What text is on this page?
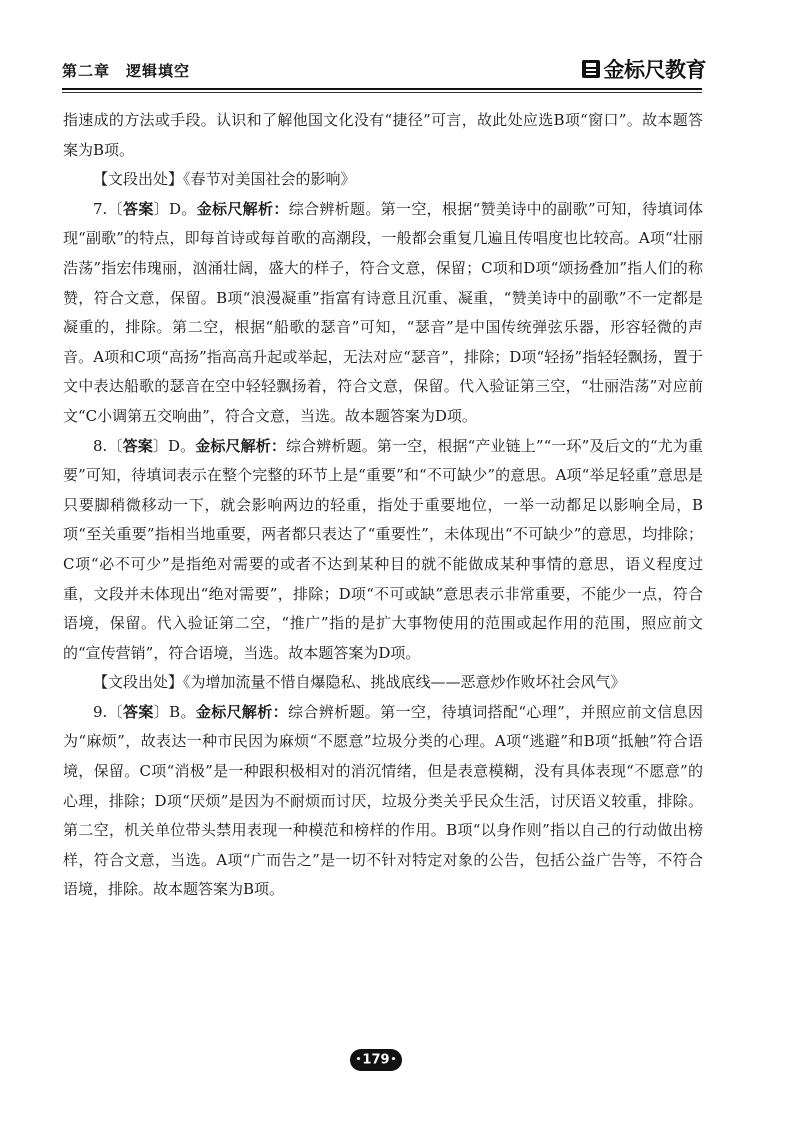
第二章　逻辑填空	金标尺教育

指速成的方法或手段。认识和了解他国文化没有“捷径”可言，故此处应选B项“窗口”。故本题答案为B项。

【文段出处】《春节对美国社会的影响》

7.〔答案〕D。金标尺解析：综合辨析题。第一空，根据“赞美诗中的副歌”可知，待填词体现“副歌”的特点，即每首诗或每首歌的高潮段，一般都会重复几遍且传唱度也比较高。A项“壮丽浩荡”指宏伟瑰丽，汹涌壮阔，盛大的样子，符合文意，保留；C项和D项“颂扬叠加”指人们的称赞，符合文意，保留。B项“浪漫凝重”指富有诗意且沉重、凝重，“赞美诗中的副歌”不一定都是凝重的，排除。第二空，根据“船歌的瑟音”可知，“瑟音”是中国传统弹弦乐器，形容轻微的声音。A项和C项“高扬”指高高升起或举起，无法对应“瑟音”，排除；D项“轻扬”指轻轻飘扬，置于文中表达船歌的瑟音在空中轻轻飘扬着，符合文意，保留。代入验证第三空，“壮丽浩荡”对应前文“C小调第五交响曲”，符合文意，当选。故本题答案为D项。

8.〔答案〕D。金标尺解析：综合辨析题。第一空，根据“产业链上”“一环”及后文的“尤为重要”可知，待填词表示在整个完整的环节上是“重要”和“不可缺少”的意思。A项“举足轻重”意思是只要脚稍微移动一下，就会影响两边的轻重，指处于重要地位，一举一动都足以影响全局，B项“至关重要”指相当地重要，两者都只表达了“重要性”，未体现出“不可缺少”的意思，均排除；C项“必不可少”是指绝对需要的或者不达到某种目的就不能做成某种事情的意思，语义程度过重，文段并未体现出“绝对需要”，排除；D项“不可或缺”意思表示非常重要，不能少一点，符合语境，保留。代入验证第二空，“推广”指的是扩大事物使用的范围或起作用的范围，照应前文的“宣传营销”，符合语境，当选。故本题答案为D项。

【文段出处】《为增加流量不惜自爆隐私、挑战底线——恶意炒作败坏社会风气》

9.〔答案〕B。金标尺解析：综合辨析题。第一空，待填词搭配“心理”，并照应前文信息因为“麻烦”，故表达一种市民因为麻烦“不愿意”垃圾分类的心理。A项“逃避”和B项“抵触”符合语境，保留。C项“消极”是一种跟积极相对的消沉情绪，但是表意模糊，没有具体表现“不愿意”的心理，排除；D项“厌烦”是因为不耐烦而讨厌，垃圾分类关乎民众生活，讨厌语义较重，排除。第二空，机关单位带头禁用表现一种模范和榜样的作用。B项“以身作则”指以自己的行动做出榜样，符合文意，当选。A项“广而告之”是一切不针对特定对象的公告，包括公益广告等，不符合语境，排除。故本题答案为B项。

•179•
